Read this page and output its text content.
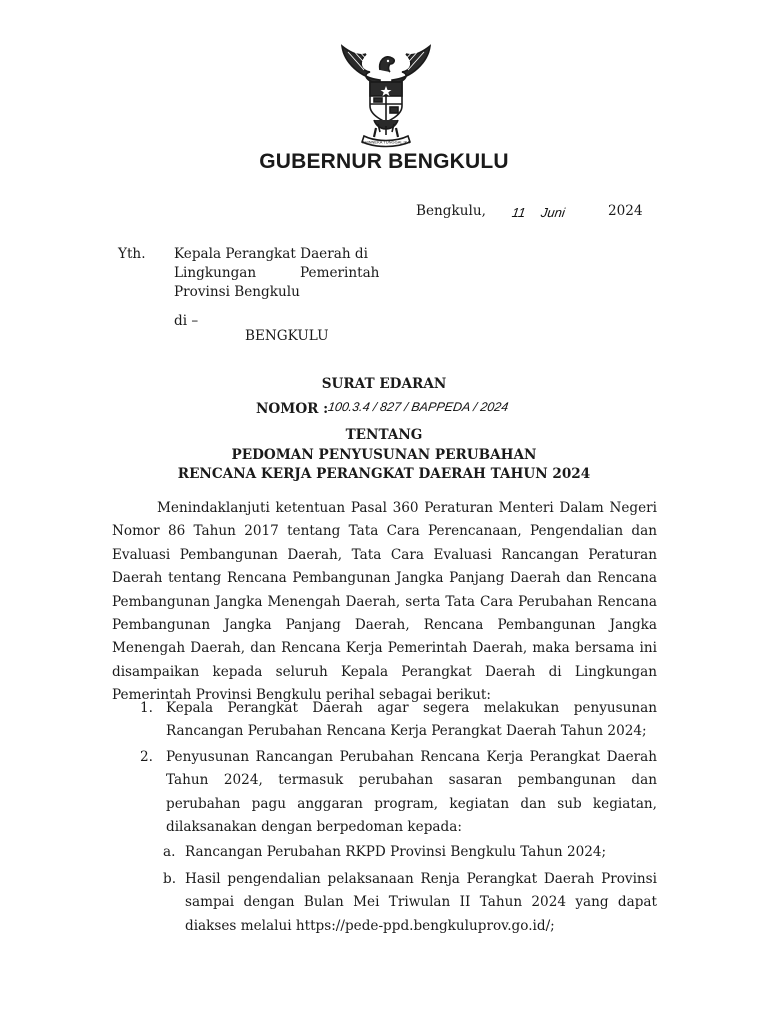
BHINNEKA TUNGGAL IKA
GUBERNUR BENGKULU
Bengkulu, 11 Juni	2024
Yth. Kepala Perangkat Daerah di
Lingkungan	Pemerintah
Provinsi Bengkulu
di –
BENGKULU
SURAT EDARAN
NOMOR :
100.3.4 / 827 / BAPPEDA / 2024
TENTANG
PEDOMAN PENYUSUNAN PERUBAHAN
RENCANA KERJA PERANGKAT DAERAH TAHUN 2024
Menindaklanjuti ketentuan Pasal 360 Peraturan Menteri Dalam Negeri
Nomor 86 Tahun 2017 tentang Tata Cara Perencanaan, Pengendalian dan
Evaluasi Pembangunan Daerah, Tata Cara Evaluasi Rancangan Peraturan
Daerah tentang Rencana Pembangunan Jangka Panjang Daerah dan Rencana
Pembangunan Jangka Menengah Daerah, serta Tata Cara Perubahan Rencana
Pembangunan Jangka Panjang Daerah, Rencana Pembangunan Jangka
Menengah Daerah, dan Rencana Kerja Pemerintah Daerah, maka bersama ini
disampaikan kepada seluruh Kepala Perangkat Daerah di Lingkungan
Pemerintah Provinsi Bengkulu perihal sebagai berikut:
1. Kepala Perangkat Daerah agar segera melakukan penyusunan
Rancangan Perubahan Rencana Kerja Perangkat Daerah Tahun 2024;
2. Penyusunan Rancangan Perubahan Rencana Kerja Perangkat Daerah
Tahun 2024, termasuk perubahan sasaran pembangunan dan
perubahan pagu anggaran program, kegiatan dan sub kegiatan,
dilaksanakan dengan berpedoman kepada:
a. Rancangan Perubahan RKPD Provinsi Bengkulu Tahun 2024;
b. Hasil pengendalian pelaksanaan Renja Perangkat Daerah Provinsi
sampai dengan Bulan Mei Triwulan II Tahun 2024 yang dapat
diakses melalui https://pede-ppd.bengkuluprov.go.id/;
